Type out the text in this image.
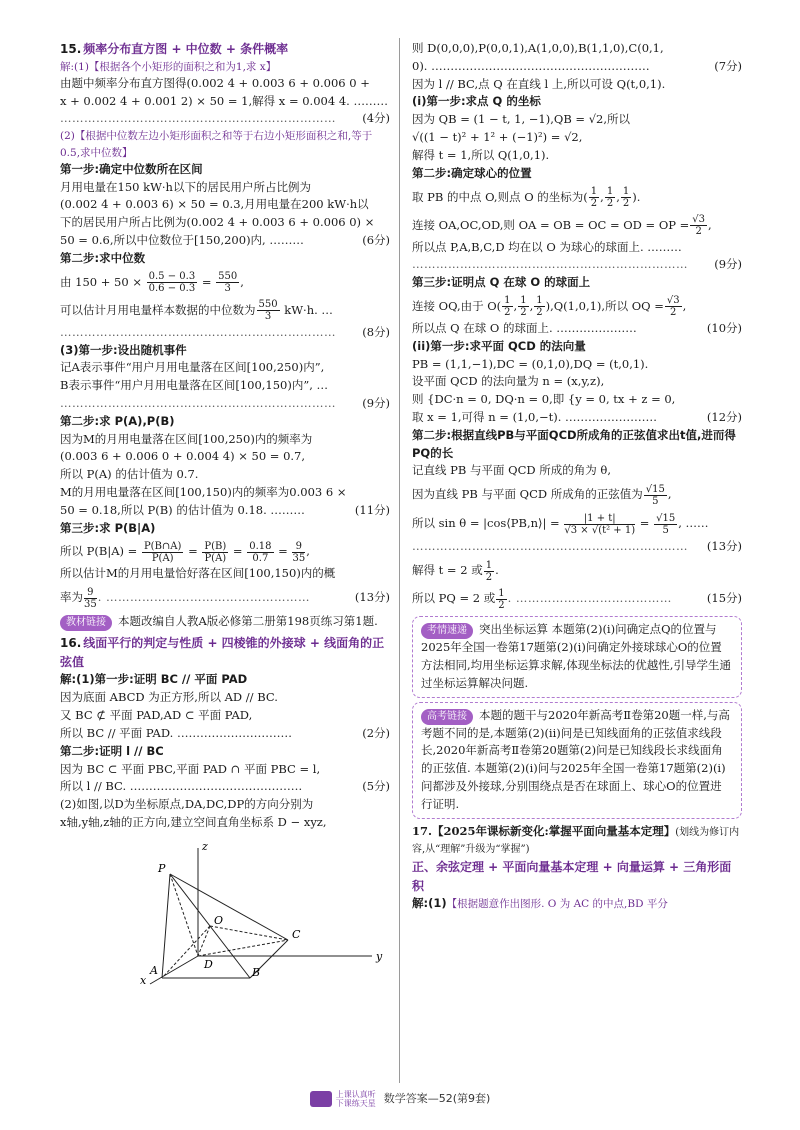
15. 频率分布直方图 + 中位数 + 条件概率

解:(1)【根据各个小矩形的面积之和为1,求 x】

由题中频率分布直方图得(0.002 4 + 0.003 6 + 0.006 0 +

x + 0.002 4 + 0.001 2) × 50 = 1,解得 x = 0.004 4. ………

…………………………………………………………… (4分)

(2)【根据中位数左边小矩形面积之和等于右边小矩形面积之和,等于0.5,求中位数】

第一步:确定中位数所在区间

月用电量在150 kW·h以下的居民用户所占比例为

(0.002 4 + 0.003 6) × 50 = 0.3,月用电量在200 kW·h以

下的居民用户所占比例为(0.002 4 + 0.003 6 + 0.006 0) ×

50 = 0.6,所以中位数位于[150,200)内, ………	(6分)

第二步:求中位数

由 $150 + 50 \times \frac{0.5 - 0.3}{0.6 - 0.3} = \frac{550}{3}$ ,

可以估计月用电量样本数据的中位数为 $\frac{550}{3} kW\cdot h$. …

…………………………………………………………… (8分)

(3)第一步:设出随机事件

记A表示事件“用户月用电量落在区间[100,250)内”,

B表示事件“用户月用电量落在区间[100,150)内”, …

…………………………………………………………… (9分)

第二步:求 P(A),P(B)

因为M的月用电量落在区间[100,250)内的频率为

(0.003 6 + 0.006 0 + 0.004 4) × 50 = 0.7,

所以 P(A) 的估计值为 0.7.

M的月用电量落在区间[100,150)内的频率为0.003 6 ×

50 = 0.18,所以 P(B) 的估计值为 0.18. ………	(11分)

第三步:求 P(B|A)

所以 $P(B|A) = \frac{P(B\cap A)}{P(A)} = \frac{P(B)}{P(A)} = \frac{0.18}{0.7} = \frac{9}{35}$ ,

所以估计M的月用电量恰好落在区间[100,150)内的概

率为 $\frac{9}{35}$ . ……………………………………………	(13分)

教材链接 本题改编自人教A版必修第二册第198页练习第1题.

16. 线面平行的判定与性质 + 四棱锥的外接球 + 线面角的正弦值

解:(1)第一步:证明 BC // 平面 PAD

因为底面 ABCD 为正方形,所以 AD // BC.

又 BC ⊄ 平面 PAD,AD ⊂ 平面 PAD,

所以 BC // 平面 PAD. …………………………	(2分)

第二步:证明 l // BC

因为 BC ⊂ 平面 PBC,平面 PAD ∩ 平面 PBC = l,

所以 l // BC. ………………………………………	(5分)

(2)如图,以D为坐标原点,DA,DC,DP的方向分别为

x轴,y轴,z轴的正方向,建立空间直角坐标系 D − xyz,

P
O
D
C
A	B
x
y
z

则 D(0,0,0),P(0,0,1),A(1,0,0),B(1,1,0),C(0,1,

0). …………………………………………………	(7分)

因为 l // BC,点 Q 在直线 l 上,所以可设 Q(t,0,1).

(i)第一步:求点 Q 的坐标

因为 QB = (1 − t, 1, −1),QB = √2,所以

√((1 − t)² + 1² + (−1)²) = √2,

解得 t = 1,所以 Q(1,0,1).

第二步:确定球心的位置

取 PB 的中点 O,则点 O 的坐标为( $\frac{1}{2}$ , $\frac{1}{2}$ , $\frac{1}{2}$ ).

连接 OA,OC,OD,则 OA = OB = OC = OD = OP = $\frac{√3}{2}$ ,

所以点 P,A,B,C,D 均在以 O 为球心的球面上. ………

…………………………………………………………… (9分)

第三步:证明点 Q 在球 O 的球面上

连接 OQ,由于 $O( \frac{1}{2}$ , $\frac{1}{2}$ , $\frac{1}{2} ),Q(1,0,1)$,所以 OQ = $\frac{√3}{2}$ ,

所以点 Q 在球 O 的球面上. …………………	(10分)

(ii)第一步:求平面 QCD 的法向量

PB = (1,1,−1),DC = (0,1,0),DQ = (t,0,1).

设平面 QCD 的法向量为 n = (x,y,z),

则 {DC·n = 0, DQ·n = 0,即 {y = 0, tx + z = 0,

取 x = 1,可得 n = (1,0,−t). ……………………	(12分)

第二步:根据直线PB与平面QCD所成角的正弦值求出t值,进而得PQ的长

记直线 PB 与平面 QCD 所成的角为 θ,

因为直线 PB 与平面 QCD 所成角的正弦值为 $\frac{√15}{5}$ ,

所以 sin θ = |cos⟨PB,n⟩| = $\frac{|1 + t|}{\text{√3 × √(t² + 1)}} = \frac{√15}{5}$ , ……

…………………………………………………………… (13分)

解得 t = 2 或 $\frac{1}{2}$ .

所以 PQ = 2 或 $\frac{1}{2}$ . …………………………………	(15分)

考情速递 突出坐标运算 本题第(2)(i)问确定点Q的位置与2025年全国一卷第17题第(2)(i)问确定外接球球心O的位置方法相同,均用坐标运算求解,体现坐标法的优越性,引导学生通过坐标运算解决问题.

高考链接 本题的题干与2020年新高考Ⅱ卷第20题一样,与高考题不同的是,本题第(2)(ii)问是已知线面角的正弦值求线段长,2020年新高考Ⅱ卷第20题第(2)问是已知线段长求线面角的正弦值. 本题第(2)(i)问与2025年全国一卷第17题第(2)(i)问都涉及外接球,分别围绕点是否在球面上、球心O的位置进行证明.

17.【2025年课标新变化:掌握平面向量基本定理】(划线为修订内容,从“理解”升级为“掌握”)

正、余弦定理 + 平面向量基本定理 + 向量运算 + 三角形面积

解:(1)【根据题意作出图形. O 为 AC 的中点,BD 平分

上课认真听
下课练天星 数学答案—52(第9套)
